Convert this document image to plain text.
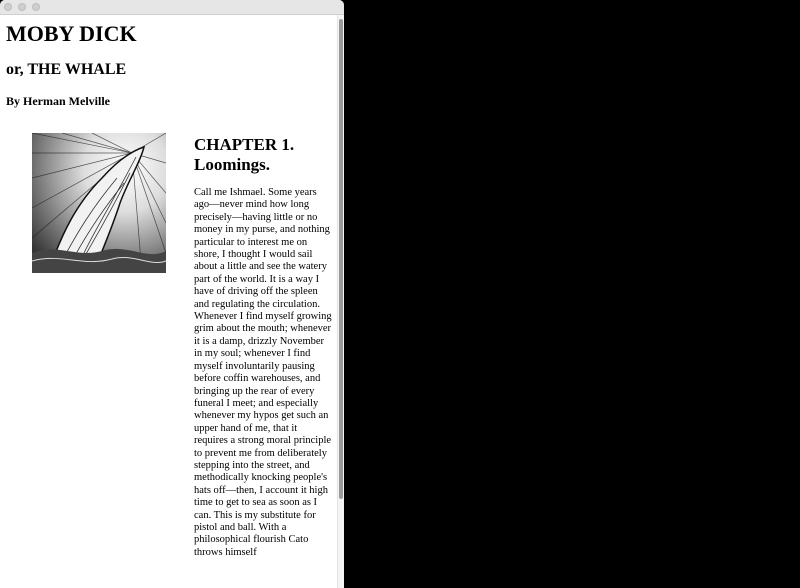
MOBY DICK
or, THE WHALE
By Herman Melville
CHAPTER 1.
Loomings.
Call me Ishmael. Some years ago—never mind how long precisely—having little or no money in my purse, and nothing particular to interest me on shore, I thought I would sail about a little and see the watery part of the world. It is a way I have of driving off the spleen and regulating the circulation. Whenever I find myself growing grim about the mouth; whenever it is a damp, drizzly November in my soul; whenever I find myself involuntarily pausing before coffin warehouses, and bringing up the rear of every funeral I meet; and especially whenever my hypos get such an upper hand of me, that it requires a strong moral principle to prevent me from deliberately stepping into the street, and methodically knocking people's hats off—then, I account it high time to get to sea as soon as I can. This is my substitute for pistol and ball. With a philosophical flourish Cato throws himself
